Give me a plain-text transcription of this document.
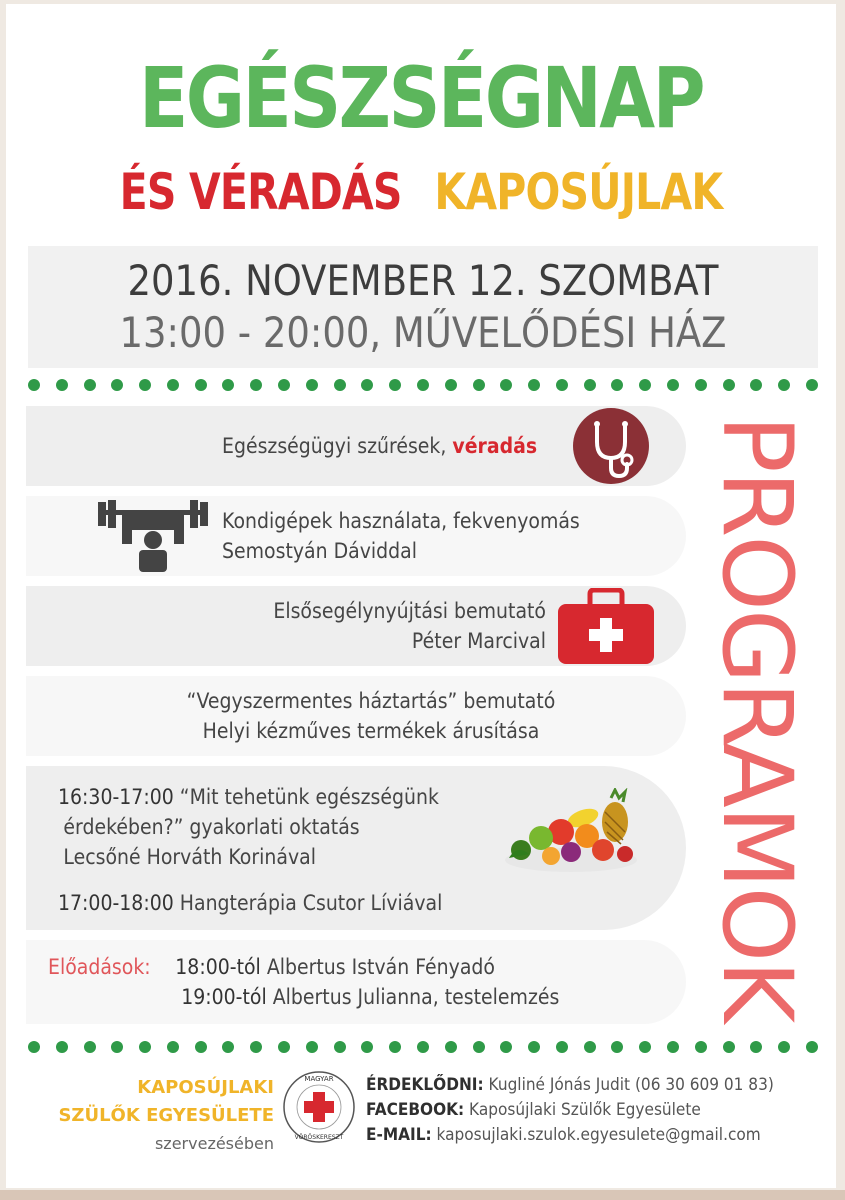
EGÉSZSÉGNAP
ÉS VÉRADÁS KAPOSÚJLAK
2016. NOVEMBER 12. SZOMBAT
13:00 - 20:00, MŰVELŐDÉSI HÁZ
Egészségügyi szűrések, véradás
Kondigépek használata, fekvenyomás
Semostyán Dáviddal
Elsősegélynyújtási bemutató
Péter Marcival
“Vegyszermentes háztartás” bemutató
Helyi kézműves termékek árusítása
16:30-17:00 “Mit tehetünk egészségünk
érdekében?” gyakorlati oktatás
Lecsőné Horváth Korinával
17:00-18:00 Hangterápia Csutor Líviával
Előadások: 18:00-tól Albertus István Fényadó
19:00-tól Albertus Julianna, testelemzés PROGRAMOK
KAPOSÚJLAKI
SZÜLŐK EGYESÜLETE
szervezésében
MAGYAR
VÖRÖSKERESZT
ÉRDEKLŐDNI: Kugliné Jónás Judit (06 30 609 01 83)
FACEBOOK: Kaposújlaki Szülők Egyesülete
E-MAIL: kaposujlaki.szulok.egyesulete@gmail.com
